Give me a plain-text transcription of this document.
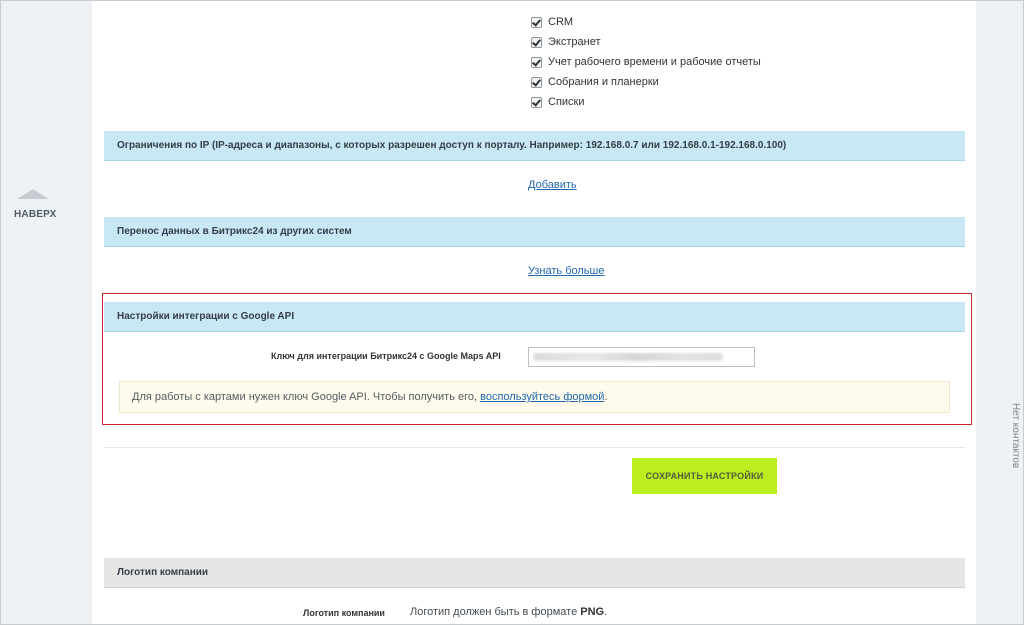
НАВЕРХ
CRM
Экстранет
Учет рабочего времени и рабочие отчеты
Собрания и планерки
Списки
Ограничения по IP (IP-адреса и диапазоны, с которых разрешен доступ к порталу. Например: 192.168.0.7 или 192.168.0.1-192.168.0.100)
Добавить
Перенос данных в Битрикс24 из других систем
Узнать больше
Настройки интеграции с Google API
Ключ для интеграции Битрикс24 с Google Maps API
Для работы с картами нужен ключ Google API. Чтобы получить его, воспользуйтесь формой.
СОХРАНИТЬ НАСТРОЙКИ
Логотип компании
Логотип компании Логотип должен быть в формате PNG.
Нет контактов
